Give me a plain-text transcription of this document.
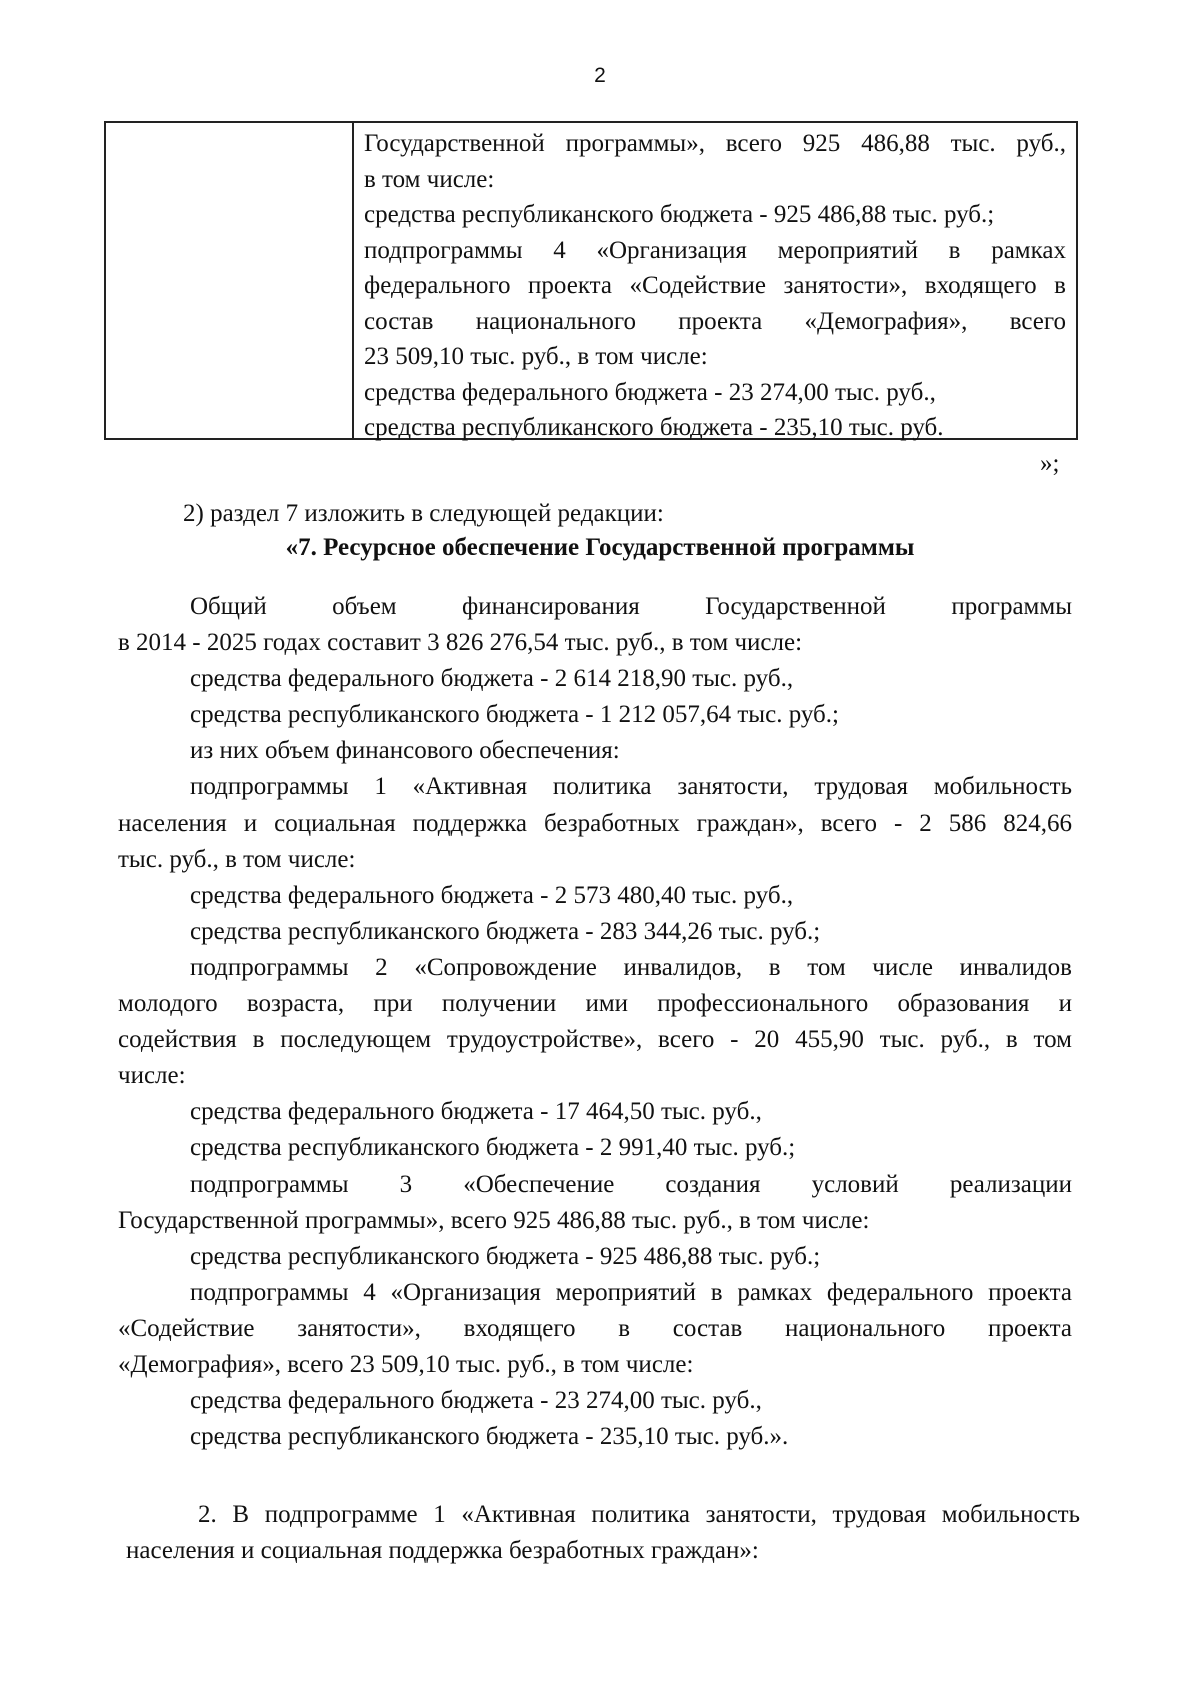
2
Государственной программы», всего 925 486,88 тыс. руб.,
в том числе:
средства республиканского бюджета - 925 486,88 тыс. руб.;
подпрограммы 4 «Организация мероприятий в рамках
федерального проекта «Содействие занятости», входящего в
состав национального проекта «Демография», всего
23 509,10 тыс. руб., в том числе:
средства федерального бюджета - 23 274,00 тыс. руб.,
средства республиканского бюджета - 235,10 тыс. руб.
»;
2) раздел 7 изложить в следующей редакции:
«7. Ресурсное обеспечение Государственной программы
Общий объем финансирования Государственной программы
в 2014 - 2025 годах составит 3 826 276,54 тыс. руб., в том числе:
средства федерального бюджета - 2 614 218,90 тыс. руб.,
средства республиканского бюджета - 1 212 057,64 тыс. руб.;
из них объем финансового обеспечения:
подпрограммы 1 «Активная политика занятости, трудовая мобильность
населения и социальная поддержка безработных граждан», всего - 2 586 824,66
тыс. руб., в том числе:
средства федерального бюджета - 2 573 480,40 тыс. руб.,
средства республиканского бюджета - 283 344,26 тыс. руб.;
подпрограммы 2 «Сопровождение инвалидов, в том числе инвалидов
молодого возраста, при получении ими профессионального образования и
содействия в последующем трудоустройстве», всего - 20 455,90 тыс. руб., в том
числе:
средства федерального бюджета - 17 464,50 тыс. руб.,
средства республиканского бюджета - 2 991,40 тыс. руб.;
подпрограммы 3 «Обеспечение создания условий реализации
Государственной программы», всего 925 486,88 тыс. руб., в том числе:
средства республиканского бюджета - 925 486,88 тыс. руб.;
подпрограммы 4 «Организация мероприятий в рамках федерального проекта
«Содействие занятости», входящего в состав национального проекта
«Демография», всего 23 509,10 тыс. руб., в том числе:
средства федерального бюджета - 23 274,00 тыс. руб.,
средства республиканского бюджета - 235,10 тыс. руб.».
2. В подпрограмме 1 «Активная политика занятости, трудовая мобильность
населения и социальная поддержка безработных граждан»:
